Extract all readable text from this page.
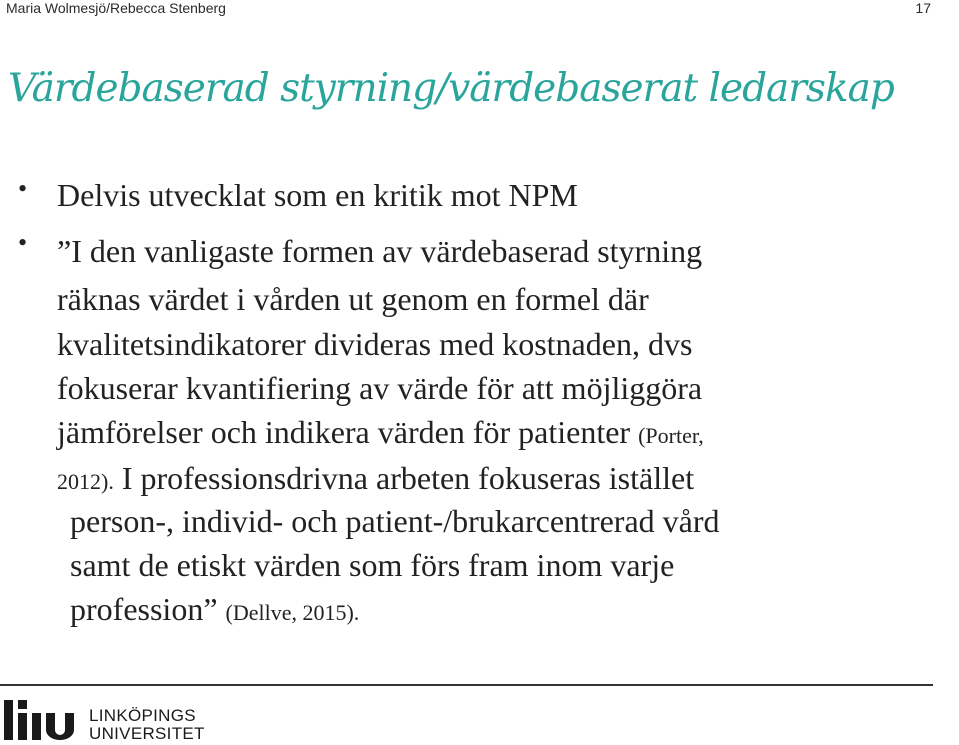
Maria Wolmesjö/Rebecca Stenberg	17
Värdebaserad styrning/värdebaserat ledarskap
• Delvis utvecklat som en kritik mot NPM
• ”I den vanligaste formen av värdebaserad styrning
räknas värdet i vården ut genom en formel där
kvalitetsindikatorer divideras med kostnaden, dvs
fokuserar kvantifiering av värde för att möjliggöra
jämförelser och indikera värden för patienter (Porter,
2012). I professionsdrivna arbeten fokuseras istället
person-, individ- och patient-/brukarcentrerad vård
samt de etiskt värden som förs fram inom varje
profession” (Dellve, 2015).
LINKÖPINGS
UNIVERSITET
